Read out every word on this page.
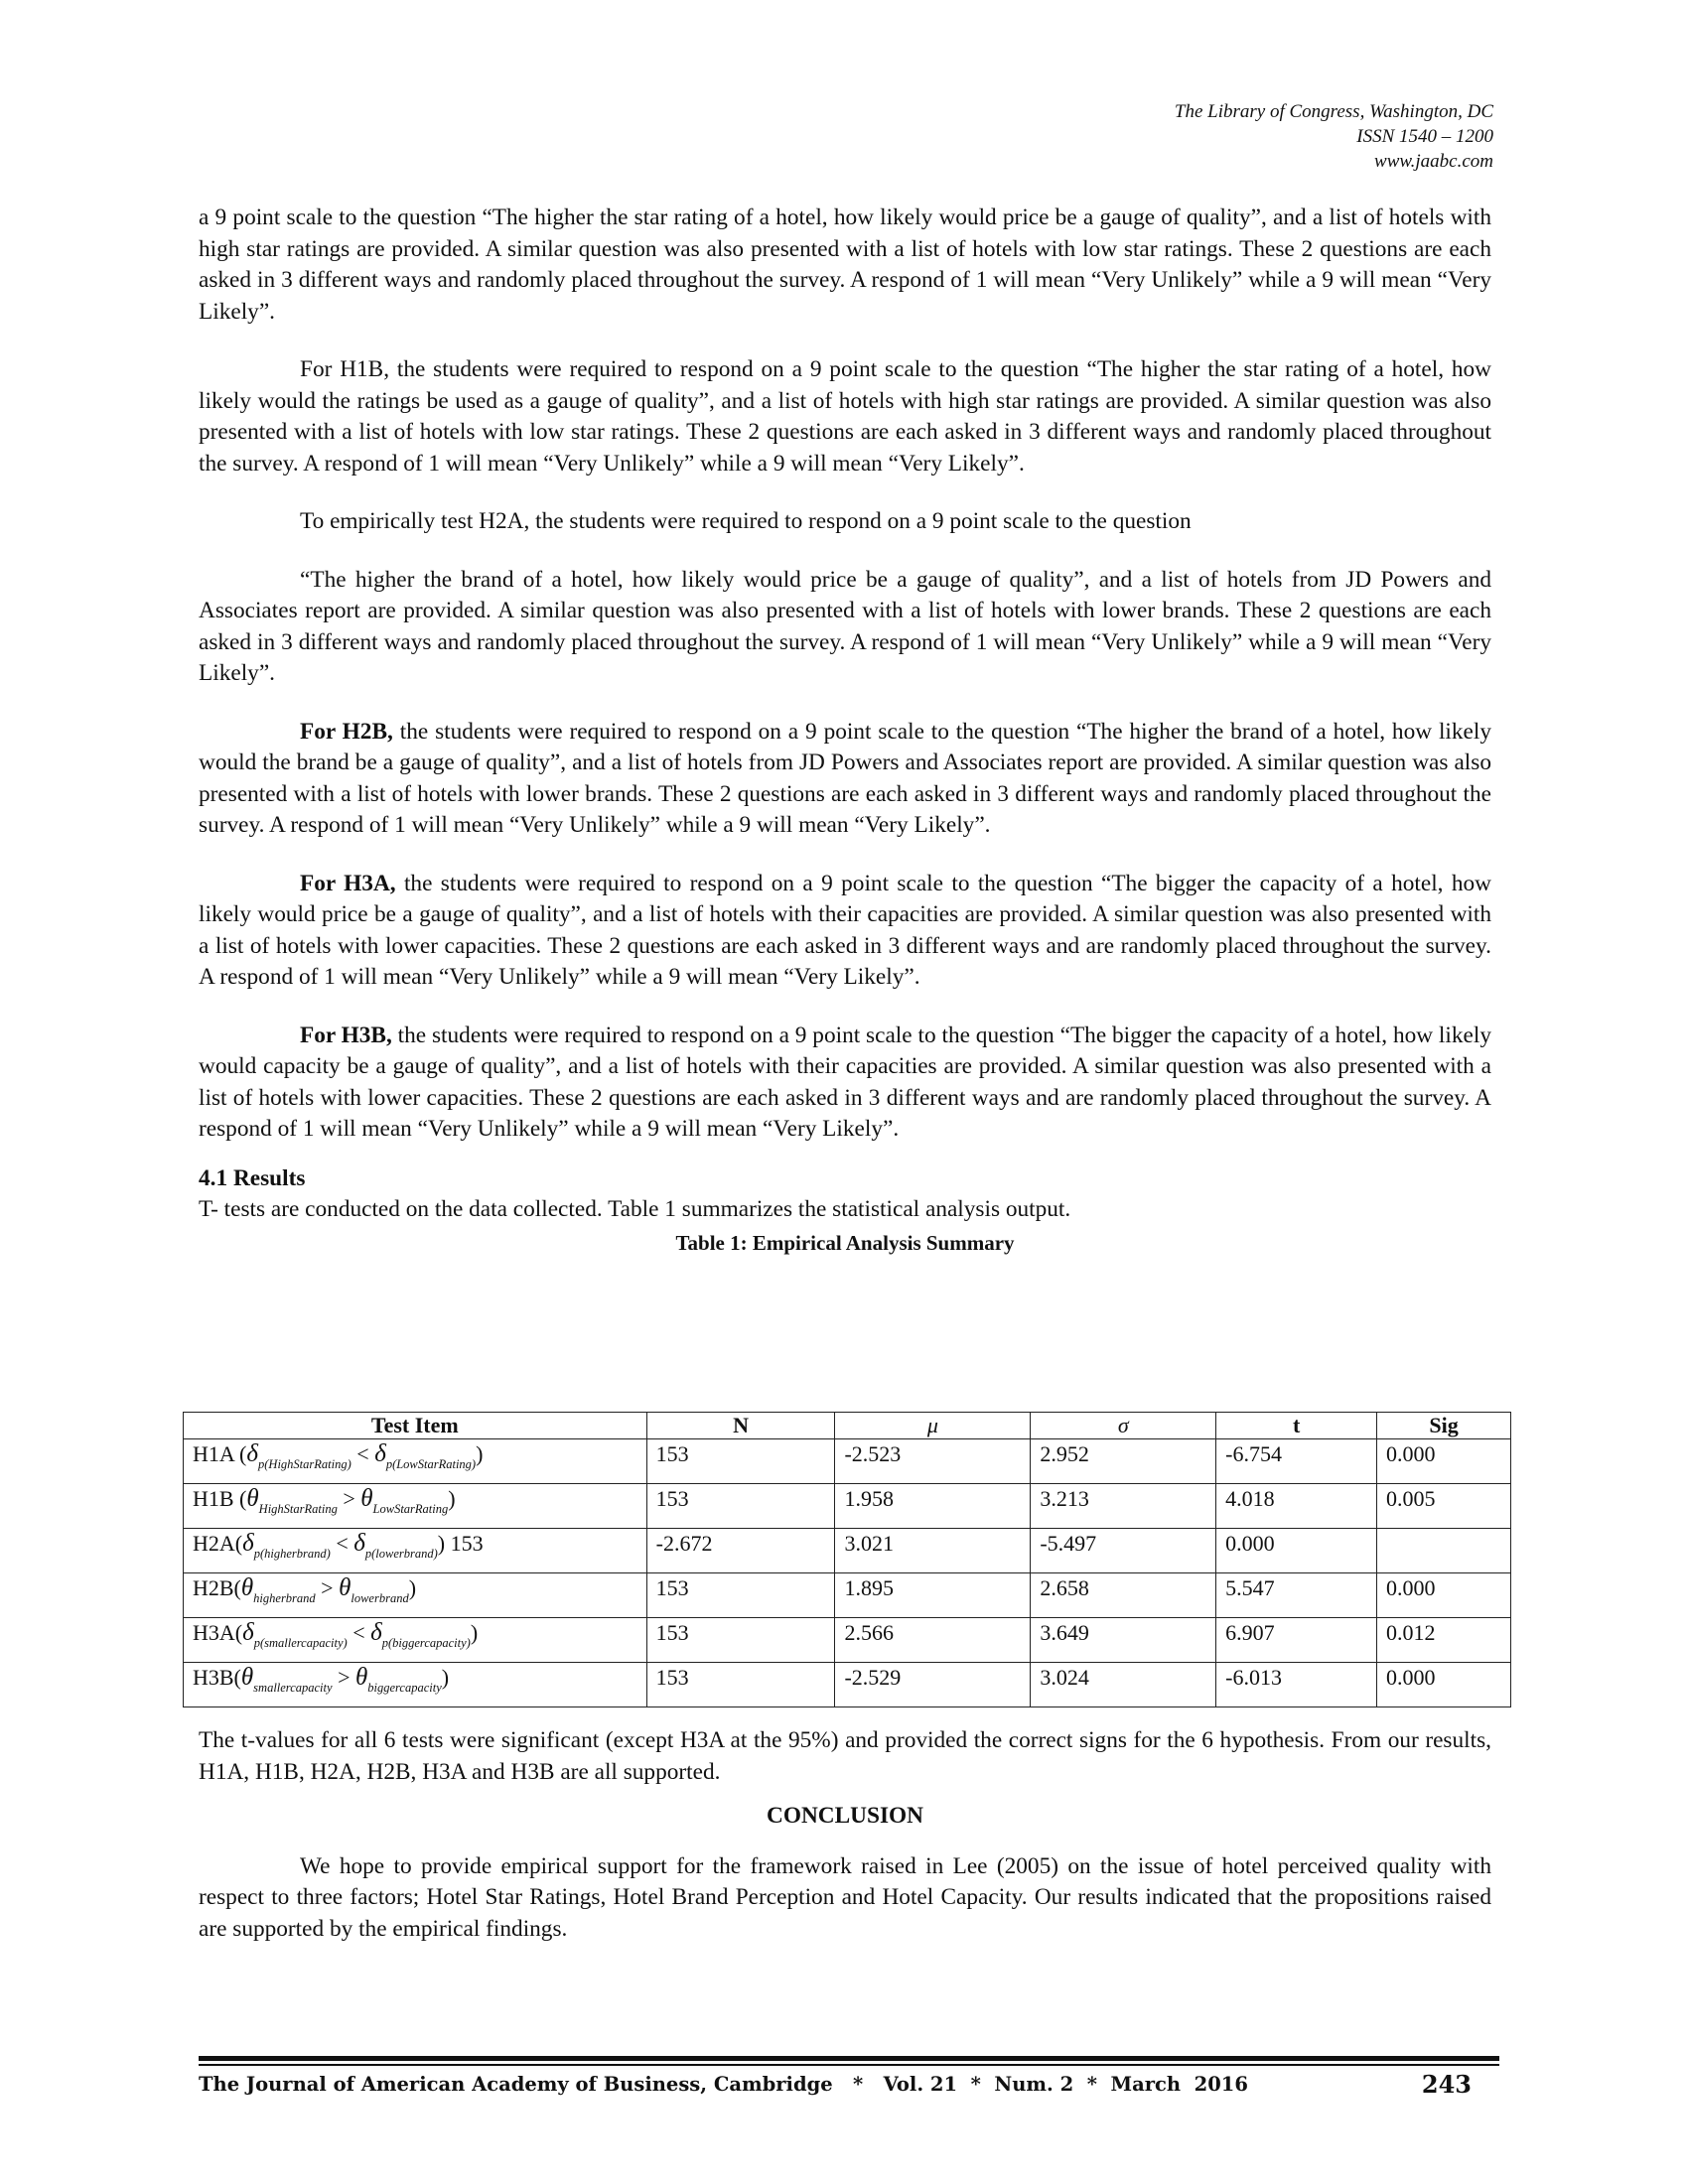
The Library of Congress, Washington, DC
ISSN 1540 – 1200
www.jaabc.com

a 9 point scale to the question “The higher the star rating of a hotel, how likely would price be a gauge of quality”, and a list of hotels with high star ratings are provided. A similar question was also presented with a list of hotels with low star ratings. These 2 questions are each asked in 3 different ways and randomly placed throughout the survey. A respond of 1 will mean “Very Unlikely” while a 9 will mean “Very Likely”.

For H1B, the students were required to respond on a 9 point scale to the question “The higher the star rating of a hotel, how likely would the ratings be used as a gauge of quality”, and a list of hotels with high star ratings are provided. A similar question was also presented with a list of hotels with low star ratings. These 2 questions are each asked in 3 different ways and randomly placed throughout the survey. A respond of 1 will mean “Very Unlikely” while a 9 will mean “Very Likely”.

To empirically test H2A, the students were required to respond on a 9 point scale to the question

“The higher the brand of a hotel, how likely would price be a gauge of quality”, and a list of hotels from JD Powers and Associates report are provided. A similar question was also presented with a list of hotels with lower brands. These 2 questions are each asked in 3 different ways and randomly placed throughout the survey. A respond of 1 will mean “Very Unlikely” while a 9 will mean “Very Likely”.

For H2B, the students were required to respond on a 9 point scale to the question “The higher the brand of a hotel, how likely would the brand be a gauge of quality”, and a list of hotels from JD Powers and Associates report are provided. A similar question was also presented with a list of hotels with lower brands. These 2 questions are each asked in 3 different ways and randomly placed throughout the survey. A respond of 1 will mean “Very Unlikely” while a 9 will mean “Very Likely”.

For H3A, the students were required to respond on a 9 point scale to the question “The bigger the capacity of a hotel, how likely would price be a gauge of quality”, and a list of hotels with their capacities are provided. A similar question was also presented with a list of hotels with lower capacities. These 2 questions are each asked in 3 different ways and are randomly placed throughout the survey. A respond of 1 will mean “Very Unlikely” while a 9 will mean “Very Likely”.

For H3B, the students were required to respond on a 9 point scale to the question “The bigger the capacity of a hotel, how likely would capacity be a gauge of quality”, and a list of hotels with their capacities are provided. A similar question was also presented with a list of hotels with lower capacities. These 2 questions are each asked in 3 different ways and are randomly placed throughout the survey. A respond of 1 will mean “Very Unlikely” while a 9 will mean “Very Likely”.

4.1 Results

T- tests are conducted on the data collected. Table 1 summarizes the statistical analysis output.

Table 1: Empirical Analysis Summary
Test Item	N	μ	σ	t	Sig
H1A $(\delta_{p(HighStarRating)} < \delta_{p(LowStarRating)})$	153	-2.523	2.952	-6.754	0.000
H1B $(\theta_{HighStarRating} > \theta_{LowStarRating})$	153	1.958	3.213	4.018	0.005
$H2A(\delta_{p(higherbrand)} < \delta_{p(lowerbrand)})$ 153	-2.672	3.021	-5.497	0.000	
$H2B(\theta_{higherbrand} > \theta_{lowerbrand})$	153	1.895	2.658	5.547	0.000
$H3A(\delta_{p(smallercapacity)} < \delta_{p(biggercapacity)})$	153	2.566	3.649	6.907	0.012
$H3B(\theta_{smallercapacity} > \theta_{biggercapacity})$	153	-2.529	3.024	-6.013	0.000

The t-values for all 6 tests were significant (except H3A at the 95%) and provided the correct signs for the 6 hypothesis. From our results, H1A, H1B, H2A, H2B, H3A and H3B are all supported.

CONCLUSION

We hope to provide empirical support for the framework raised in Lee (2005) on the issue of hotel perceived quality with respect to three factors; Hotel Star Ratings, Hotel Brand Perception and Hotel Capacity. Our results indicated that the propositions raised are supported by the empirical findings.

The Journal of American Academy of Business, Cambridge   *   Vol. 21  *  Num. 2  *  March  2016	243
